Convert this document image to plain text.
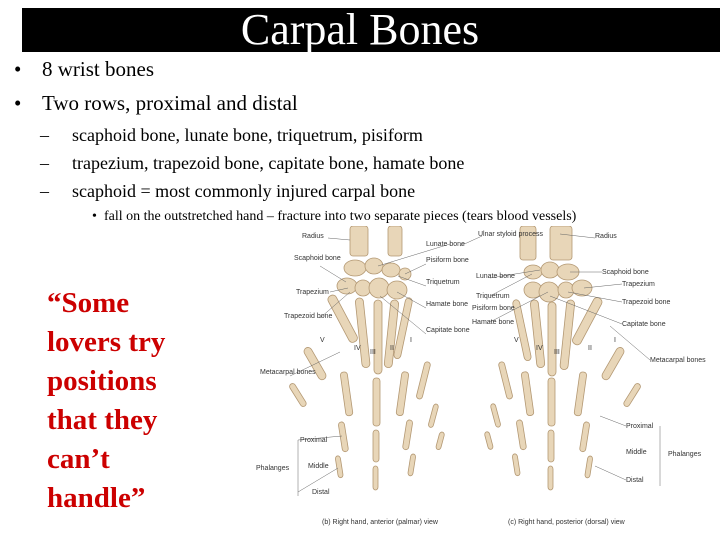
Carpal Bones
• 8 wrist bones
• Two rows, proximal and distal
– scaphoid bone, lunate bone, triquetrum, pisiform
– trapezium, trapezoid bone, capitate bone, hamate bone
– scaphoid = most commonly injured carpal bone
• fall on the outstretched hand – fracture into two separate pieces (tears blood vessels)
“Some
lovers try
positions
that they
can’t
handle”
Radius
Lunate bone
Scaphoid bone	Pisiform bone
Trapezium
Triquetrum
Trapezoid bone
Hamate bone
Capitate bone
Metacarpal bones
Proximal
Middle
Phalanges
Distal
Ulnar styloid process
Lunate bone
Triquetrum
Pisiform bone
Hamate bone
Radius
Scaphoid bone
Trapezium
Trapezoid bone
Capitate bone
Metacarpal bones
Proximal
Middle
Distal
Phalanges
V
IV
III
II
I	I
II
III
IV
V
(b) Right hand, anterior (palmar) view	(c) Right hand, posterior (dorsal) view
